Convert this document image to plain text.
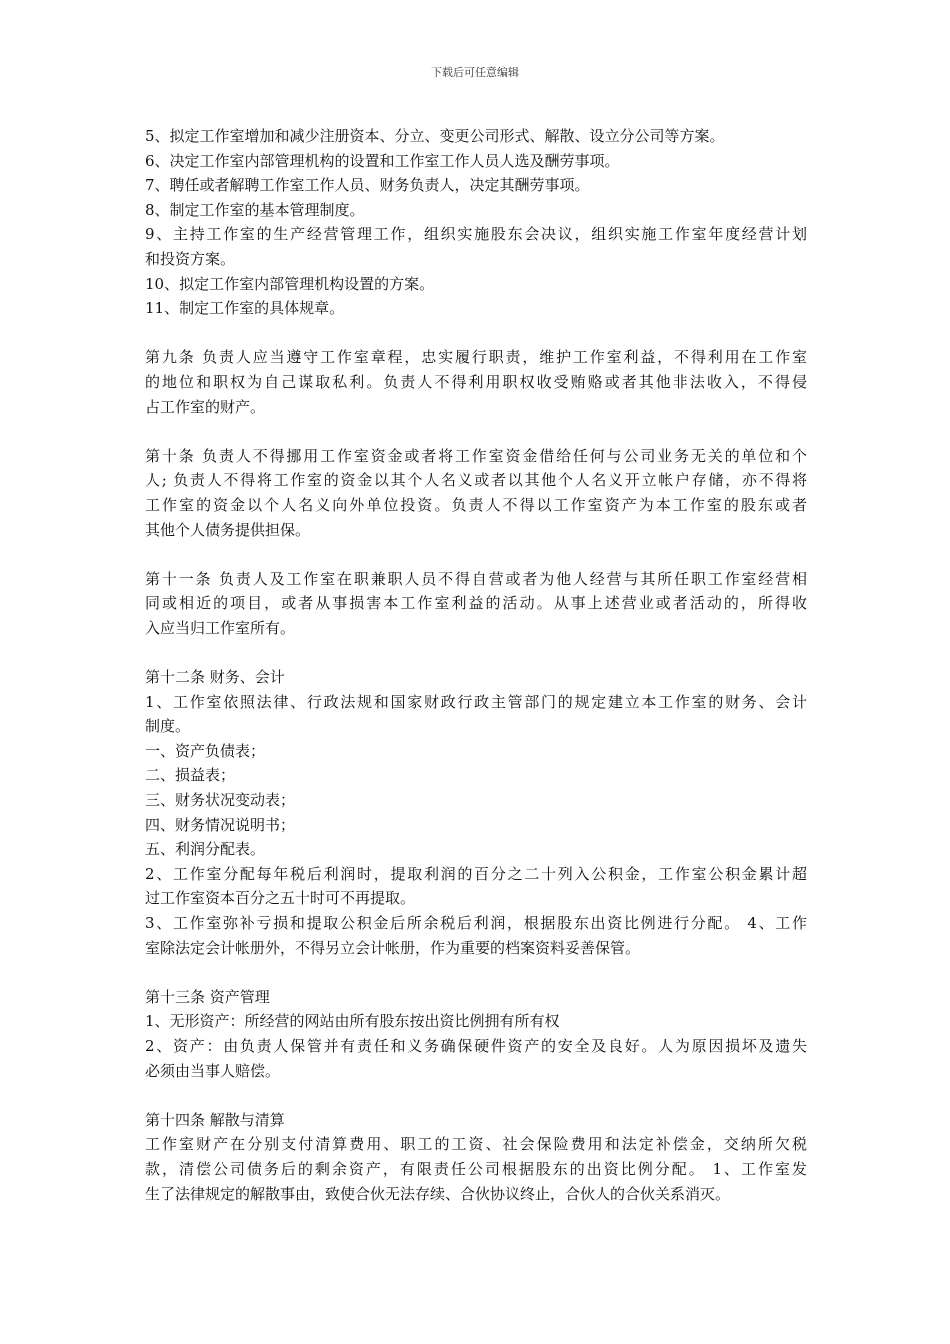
下载后可任意编辑
5、拟定工作室增加和减少注册资本、分立、变更公司形式、解散、设立分公司等方案。
6、决定工作室内部管理机构的设置和工作室工作人员人选及酬劳事项。
7、聘任或者解聘工作室工作人员、财务负责人，决定其酬劳事项。
8、制定工作室的基本管理制度。
9、主持工作室的生产经营管理工作，组织实施股东会决议，组织实施工作室年度经营计划
和投资方案。
10、拟定工作室内部管理机构设置的方案。
11、制定工作室的具体规章。
第九条 负责人应当遵守工作室章程，忠实履行职责，维护工作室利益，不得利用在工作室
的地位和职权为自己谋取私利。负责人不得利用职权收受贿赂或者其他非法收入，不得侵
占工作室的财产。
第十条 负责人不得挪用工作室资金或者将工作室资金借给任何与公司业务无关的单位和个
人; 负责人不得将工作室的资金以其个人名义或者以其他个人名义开立帐户存储，亦不得将
工作室的资金以个人名义向外单位投资。负责人不得以工作室资产为本工作室的股东或者
其他个人债务提供担保。
第十一条 负责人及工作室在职兼职人员不得自营或者为他人经营与其所任职工作室经营相
同或相近的项目，或者从事损害本工作室利益的活动。从事上述营业或者活动的，所得收
入应当归工作室所有。
第十二条 财务、会计
1、工作室依照法律、行政法规和国家财政行政主管部门的规定建立本工作室的财务、会计
制度。
一、资产负债表；
二、损益表；
三、财务状况变动表；
四、财务情况说明书；
五、利润分配表。
2、工作室分配每年税后利润时，提取利润的百分之二十列入公积金，工作室公积金累计超
过工作室资本百分之五十时可不再提取。
3、工作室弥补亏损和提取公积金后所余税后利润，根据股东出资比例进行分配。 4、工作
室除法定会计帐册外，不得另立会计帐册，作为重要的档案资料妥善保管。
第十三条 资产管理
1、无形资产：所经营的网站由所有股东按出资比例拥有所有权
2、资产：由负责人保管并有责任和义务确保硬件资产的安全及良好。人为原因损坏及遗失
必须由当事人赔偿。
第十四条 解散与清算
工作室财产在分别支付清算费用、职工的工资、社会保险费用和法定补偿金，交纳所欠税
款，清偿公司债务后的剩余资产，有限责任公司根据股东的出资比例分配。 1、工作室发
生了法律规定的解散事由，致使合伙无法存续、合伙协议终止，合伙人的合伙关系消灭。
